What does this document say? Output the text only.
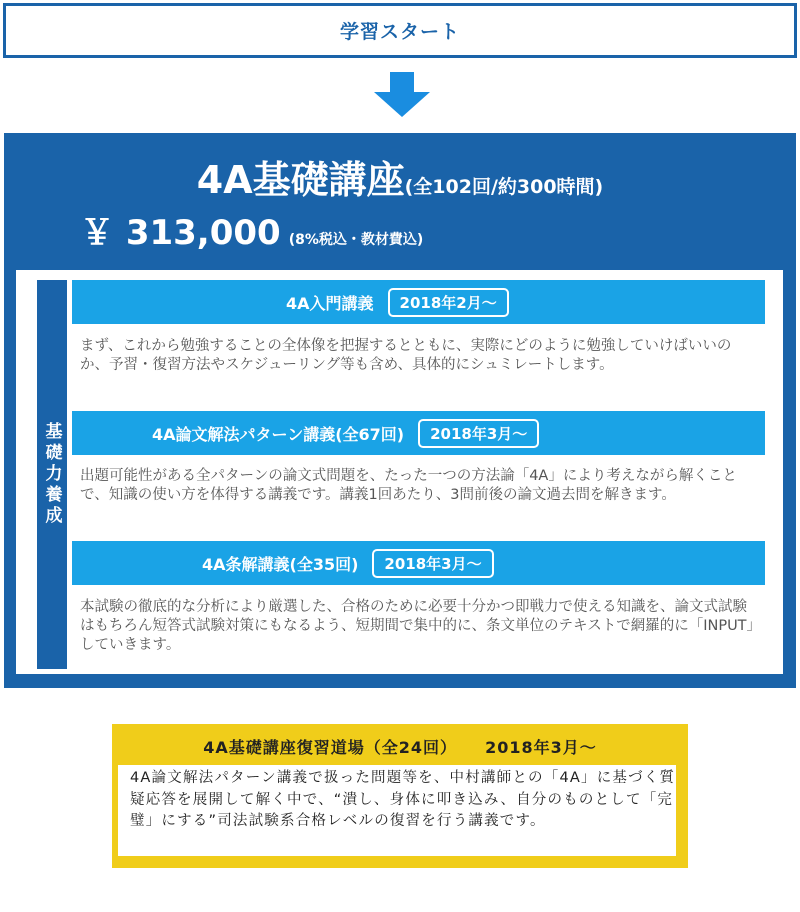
学習スタート
4A基礎講座(全102回/約300時間)
￥ 313,000 (8%税込・教材費込)
基礎力養成
4A入門講義	2018年2月～
まず、これから勉強することの全体像を把握するとともに、実際にどのように勉強していけばいいのか、予習・復習方法やスケジューリング等も含め、具体的にシュミレートします。
4A論文解法パターン講義(全67回)	2018年3月～
出題可能性がある全パターンの論文式問題を、たった一つの方法論「4A」により考えながら解くことで、知識の使い方を体得する講義です。講義1回あたり、3問前後の論文過去問を解きます。
4A条解講義(全35回)	2018年3月～
本試験の徹底的な分析により厳選した、合格のために必要十分かつ即戦力で使える知識を、論文式試験はもちろん短答式試験対策にもなるよう、短期間で集中的に、条文単位のテキストで網羅的に「INPUT」していきます。
4A基礎講座復習道場（全24回） 2018年3月～
4A論文解法パターン講義で扱った問題等を、中村講師との「4A」に基づく質疑応答を展開して解く中で、“潰し、身体に叩き込み、自分のものとして「完璧」にする”司法試験系合格レベルの復習を行う講義です。
